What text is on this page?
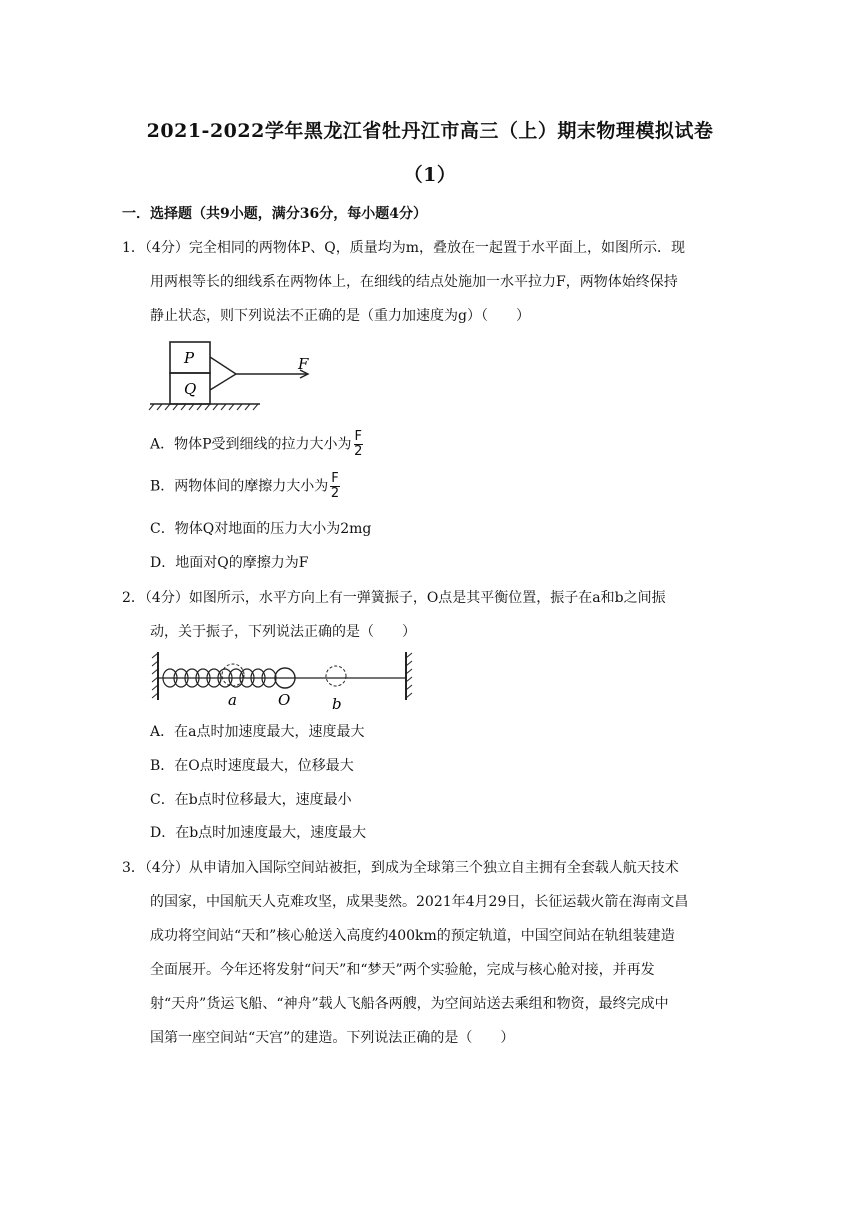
2021-2022学年黑龙江省牡丹江市高三（上）期末物理模拟试卷
（1）
一．选择题（共9小题，满分36分，每小题4分）
1．（4分）完全相同的两物体P、Q，质量均为m，叠放在一起置于水平面上，如图所示．现
用两根等长的细线系在两物体上，在细线的结点处施加一水平拉力F，两物体始终保持
静止状态，则下列说法不正确的是（重力加速度为g）（　　）
P
Q
F
A．物体P受到细线的拉力大小为 $\frac{F}{2}$
B．两物体间的摩擦力大小为 $\frac{F}{2}$
C．物体Q对地面的压力大小为2mg
D．地面对Q的摩擦力为F
2．（4分）如图所示，水平方向上有一弹簧振子，O点是其平衡位置，振子在a和b之间振
动，关于振子，下列说法正确的是（　　）
a	O	b
A．在a点时加速度最大，速度最大
B．在O点时速度最大，位移最大
C．在b点时位移最大，速度最小
D．在b点时加速度最大，速度最大
3．（4分）从申请加入国际空间站被拒，到成为全球第三个独立自主拥有全套载人航天技术
的国家，中国航天人克难攻坚，成果斐然。2021年4月29日，长征运载火箭在海南文昌
成功将空间站“天和”核心舱送入高度约400km的预定轨道，中国空间站在轨组装建造
全面展开。今年还将发射“问天”和“梦天”两个实验舱，完成与核心舱对接，并再发
射“天舟”货运飞船、“神舟”载人飞船各两艘，为空间站送去乘组和物资，最终完成中
国第一座空间站“天宫”的建造。下列说法正确的是（　　）
